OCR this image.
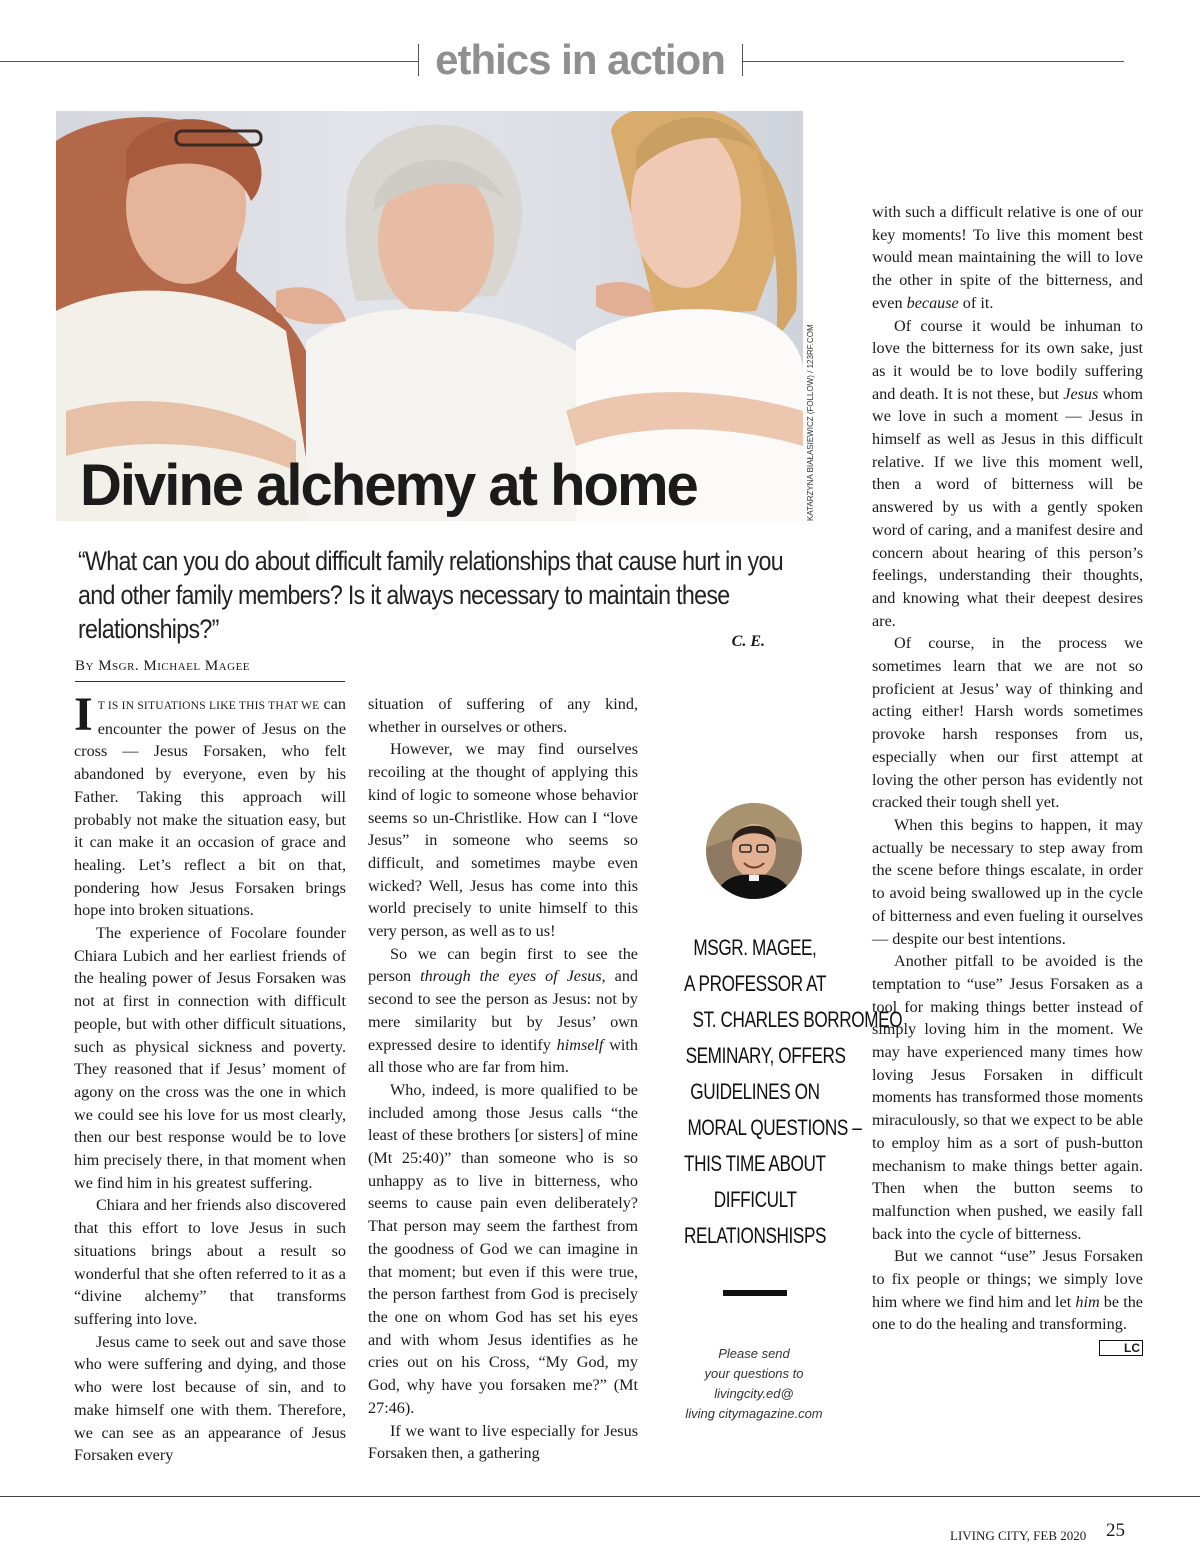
ethics in action
KATARZYNA BIAŁASIEWICZ (FOLLOW) / 123RF.COM
Divine alchemy at home

“What can you do about difficult family relationships that cause hurt in you and other family members? Is it always necessary to maintain these relationships?”	C. E.
By Msgr. Michael Magee

I T IS IN SITUATIONS LIKE THIS THAT WE can encounter the power of Jesus on the cross — Jesus Forsaken, who felt abandoned by everyone, even by his Father. Taking this approach will probably not make the situation easy, but it can make it an occasion of grace and healing. Let’s reflect a bit on that, pondering how Jesus Forsaken brings hope into broken situations.

The experience of Focolare founder Chiara Lubich and her earliest friends of the healing power of Jesus Forsaken was not at first in connection with difficult people, but with other difficult situations, such as physical sickness and poverty. They reasoned that if Jesus’ moment of agony on the cross was the one in which we could see his love for us most clearly, then our best response would be to love him precisely there, in that moment when we find him in his greatest suffering.

Chiara and her friends also discovered that this effort to love Jesus in such situations brings about a result so wonderful that she often referred to it as a “divine alchemy” that transforms suffering into love.

Jesus came to seek out and save those who were suffering and dying, and those who were lost because of sin, and to make himself one with them. Therefore, we can see as an appearance of Jesus Forsaken every

situation of suffering of any kind, whether in ourselves or others.

However, we may find ourselves recoiling at the thought of applying this kind of logic to someone whose behavior seems so un-Christlike. How can I “love Jesus” in someone who seems so difficult, and sometimes maybe even wicked? Well, Jesus has come into this world precisely to unite himself to this very person, as well as to us!

So we can begin first to see the person through the eyes of Jesus, and second to see the person as Jesus: not by mere similarity but by Jesus’ own expressed desire to identify himself with all those who are far from him.

Who, indeed, is more qualified to be included among those Jesus calls “the least of these brothers [or sisters] of mine (Mt 25:40)” than someone who is so unhappy as to live in bitterness, who seems to cause pain even deliberately? That person may seem the farthest from the goodness of God we can imagine in that moment; but even if this were true, the person farthest from God is precisely the one on whom God has set his eyes and with whom Jesus identifies as he cries out on his Cross, “My God, my God, why have you forsaken me?” (Mt 27:46).

If we want to live especially for Jesus Forsaken then, a gathering

with such a difficult relative is one of our key moments! To live this moment best would mean maintaining the will to love the other in spite of the bitterness, and even because of it.

Of course it would be inhuman to love the bitterness for its own sake, just as it would be to love bodily suffering and death. It is not these, but Jesus whom we love in such a moment — Jesus in himself as well as Jesus in this difficult relative. If we live this moment well, then a word of bitterness will be answered by us with a gently spoken word of caring, and a manifest desire and concern about hearing of this person’s feelings, understanding their thoughts, and knowing what their deepest desires are.

Of course, in the process we sometimes learn that we are not so proficient at Jesus’ way of thinking and acting either! Harsh words sometimes provoke harsh responses from us, especially when our first attempt at loving the other person has evidently not cracked their tough shell yet.

When this begins to happen, it may actually be necessary to step away from the scene before things escalate, in order to avoid being swallowed up in the cycle of bitterness and even fueling it ourselves — despite our best intentions.

Another pitfall to be avoided is the temptation to “use” Jesus Forsaken as a tool for making things better instead of simply loving him in the moment. We may have experienced many times how loving Jesus Forsaken in difficult moments has transformed those moments miraculously, so that we expect to be able to employ him as a sort of push-button mechanism to make things better again. Then when the button seems to malfunction when pushed, we easily fall back into the cycle of bitterness.

But we cannot “use” Jesus Forsaken to fix people or things; we simply love him where we find him and let him be the one to do the healing and transforming.
LC

MSGR. MAGEE,
A PROFESSOR AT
ST. CHARLES BORROMEO
SEMINARY, OFFERS
GUIDELINES ON
MORAL QUESTIONS –
THIS TIME ABOUT
DIFFICULT
RELATIONSHISPS
Please send
your questions to
livingcity.ed@
living citymagazine.com
LIVING CITY, FEB 2020	25
